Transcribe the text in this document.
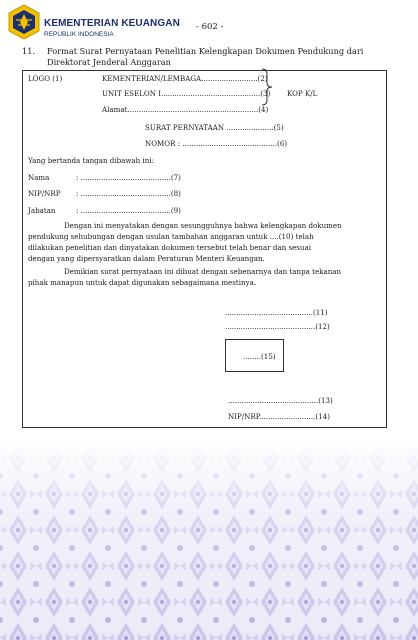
KEMENTERIAN KEUANGAN
REPUBLIK INDONESIA
- 602 -
11. Format Surat Pernyataan Penelitian Kelengkapan Dokumen Pendukung dari Direktorat Jenderal Anggaran
LOGO (1)	KEMENTERIAN/LEMBAGA.........................(2)
UNIT ESELON I............................................(3)
Alamat..........................................................(4)
KOP K/L
SURAT PERNYATAAN .....................(5)
NOMOR : ..........................................(6)
Yang bertanda tangan dibawah ini:
Nama	: ........................................(7)
NIP/NRP : ........................................(8)
Jabatan	: ........................................(9)
Dengan ini menyatakan dengan sesungguhnya bahwa kelengkapan dokumen
pendukung sehubungan dengan usulan tambahan anggaran untuk ....(10) telah
dilakukan penelitian dan dinyatakan dokumen tersebut telah benar dan sesuai
dengan yang dipersyaratkan dalam Peraturan Menteri Keuangan.
Demikian surat pernyataan ini dibuat dengan sebenarnya dan tanpa tekanan
pihak manapun untuk dapat digunakan sebagaimana mestinya.
...............,.......................(11)
........................................(12)
........(15)
........................................(13)
NIP/NRP.........................(14)
